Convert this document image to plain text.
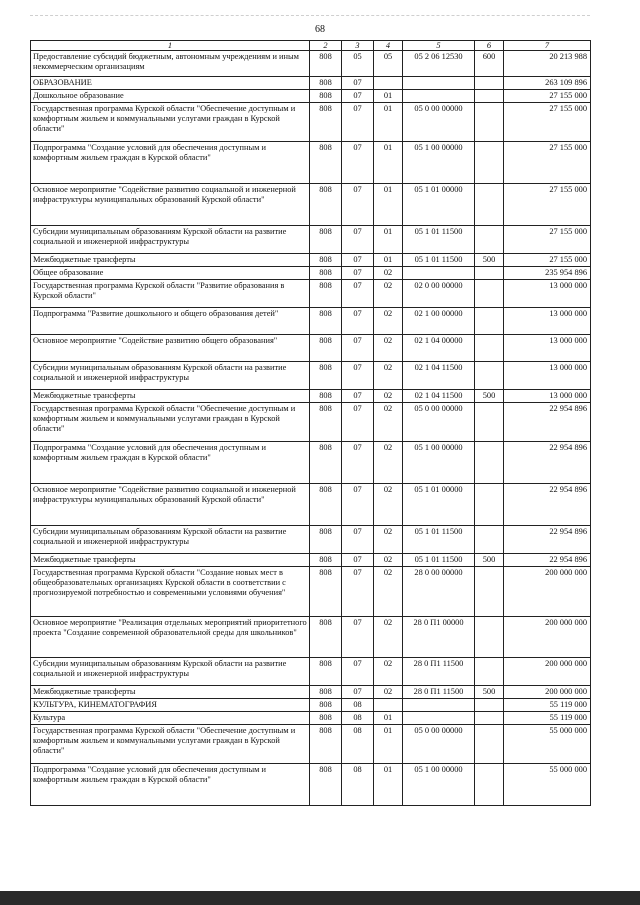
68
1	2	3	4	5	6	7
Предоставление субсидий бюджетным, автономным учреждениям и иным некоммерческим организациям	808	05	05	05 2 06 12530	600	20 213 988
ОБРАЗОВАНИЕ	808	07				263 109 896
Дошкольное образование	808	07	01			27 155 000
Государственная программа Курской области "Обеспечение доступным и комфортным жильем и коммунальными услугами граждан в Курской области"	808	07	01	05 0 00 00000		27 155 000
Подпрограмма "Создание условий для обеспечения доступным и комфортным жильем граждан в Курской области"	808	07	01	05 1 00 00000		27 155 000
Основное мероприятие "Содействие развитию социальной и инженерной инфраструктуры муниципальных образований Курской области"	808	07	01	05 1 01 00000		27 155 000
Субсидии муниципальным образованиям Курской области на развитие социальной и инженерной инфраструктуры	808	07	01	05 1 01 11500		27 155 000
Межбюджетные трансферты	808	07	01	05 1 01 11500	500	27 155 000
Общее образование	808	07	02			235 954 896
Государственная программа Курской области "Развитие образования в Курской области"	808	07	02	02 0 00 00000		13 000 000
Подпрограмма "Развитие дошкольного и общего образования детей"	808	07	02	02 1 00 00000		13 000 000
Основное мероприятие "Содействие развитию общего образования"	808	07	02	02 1 04 00000		13 000 000
Субсидии муниципальным образованиям Курской области на развитие социальной и инженерной инфраструктуры	808	07	02	02 1 04 11500		13 000 000
Межбюджетные трансферты	808	07	02	02 1 04 11500	500	13 000 000
Государственная программа Курской области "Обеспечение доступным и комфортным жильем и коммунальными услугами граждан в Курской области"	808	07	02	05 0 00 00000		22 954 896
Подпрограмма "Создание условий для обеспечения доступным и комфортным жильем граждан в Курской области"	808	07	02	05 1 00 00000		22 954 896
Основное мероприятие "Содействие развитию социальной и инженерной инфраструктуры муниципальных образований Курской области"	808	07	02	05 1 01 00000		22 954 896
Субсидии муниципальным образованиям Курской области на развитие социальной и инженерной инфраструктуры	808	07	02	05 1 01 11500		22 954 896
Межбюджетные трансферты	808	07	02	05 1 01 11500	500	22 954 896
Государственная программа Курской области "Создание новых мест в общеобразовательных организациях Курской области в соответствии с прогнозируемой потребностью и современными условиями обучения"	808	07	02	28 0 00 00000		200 000 000
Основное мероприятие "Реализация отдельных мероприятий приоритетного проекта "Создание современной образовательной среды для школьников"	808	07	02	28 0 П1 00000		200 000 000
Субсидии муниципальным образованиям Курской области на развитие социальной и инженерной инфраструктуры	808	07	02	28 0 П1 11500		200 000 000
Межбюджетные трансферты	808	07	02	28 0 П1 11500	500	200 000 000
КУЛЬТУРА, КИНЕМАТОГРАФИЯ	808	08				55 119 000
Культура	808	08	01			55 119 000
Государственная программа Курской области "Обеспечение доступным и комфортным жильем и коммунальными услугами граждан в Курской области"	808	08	01	05 0 00 00000		55 000 000
Подпрограмма "Создание условий для обеспечения доступным и комфортным жильем граждан в Курской области"	808	08	01	05 1 00 00000		55 000 000
